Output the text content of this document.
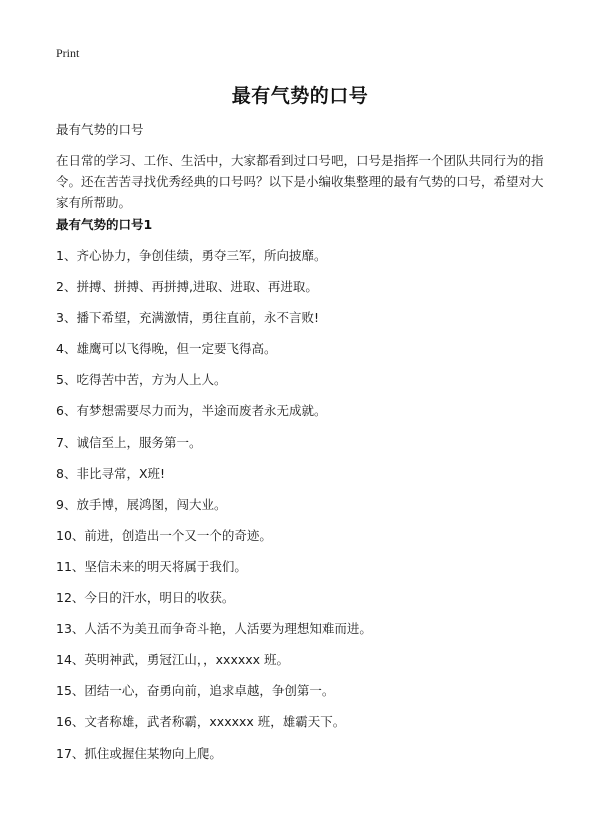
Print
最有气势的口号
最有气势的口号

在日常的学习、工作、生活中，大家都看到过口号吧，口号是指挥一个团队共同行为的指令。还在苦苦寻找优秀经典的口号吗？以下是小编收集整理的最有气势的口号，希望对大家有所帮助。

最有气势的口号1
1、齐心协力，争创佳绩，勇夺三军，所向披靡。
2、拼搏、拼搏、再拼搏,进取、进取、再进取。
3、播下希望，充满激情，勇往直前，永不言败!
4、雄鹰可以飞得晚，但一定要飞得高。
5、吃得苦中苦，方为人上人。
6、有梦想需要尽力而为，半途而废者永无成就。
7、诚信至上，服务第一。
8、非比寻常，X班!
9、放手博，展鸿图，闯大业。
10、前进，创造出一个又一个的奇迹。
11、坚信未来的明天将属于我们。
12、今日的汗水，明日的收获。
13、人活不为美丑而争奇斗艳，人活要为理想知难而进。
14、英明神武，勇冠江山，，xxxxxx 班。
15、团结一心，奋勇向前，追求卓越，争创第一。
16、文者称雄，武者称霸，xxxxxx 班，雄霸天下。
17、抓住或握住某物向上爬。
